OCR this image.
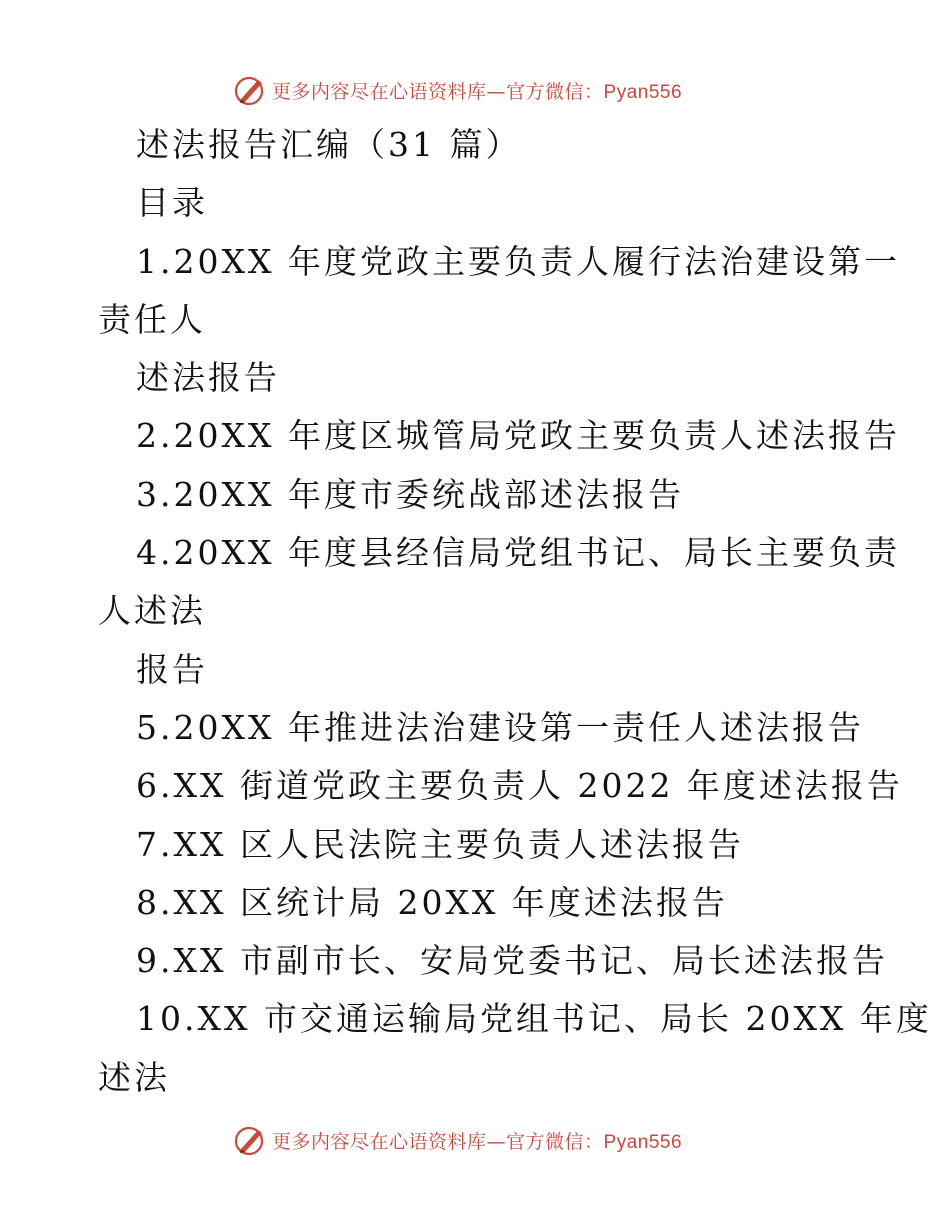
更多内容尽在心语资料库—官方微信：Pyan556
述法报告汇编（31 篇）
目录
1.20XX 年度党政主要负责人履行法治建设第一
责任人
述法报告
2.20XX 年度区城管局党政主要负责人述法报告
3.20XX 年度市委统战部述法报告
4.20XX 年度县经信局党组书记、局长主要负责
人述法
报告
5.20XX 年推进法治建设第一责任人述法报告
6.XX 街道党政主要负责人 2022 年度述法报告
7.XX 区人民法院主要负责人述法报告
8.XX 区统计局 20XX 年度述法报告
9.XX 市副市长、安局党委书记、局长述法报告
10.XX 市交通运输局党组书记、局长 20XX 年度
述法
更多内容尽在心语资料库—官方微信：Pyan556
